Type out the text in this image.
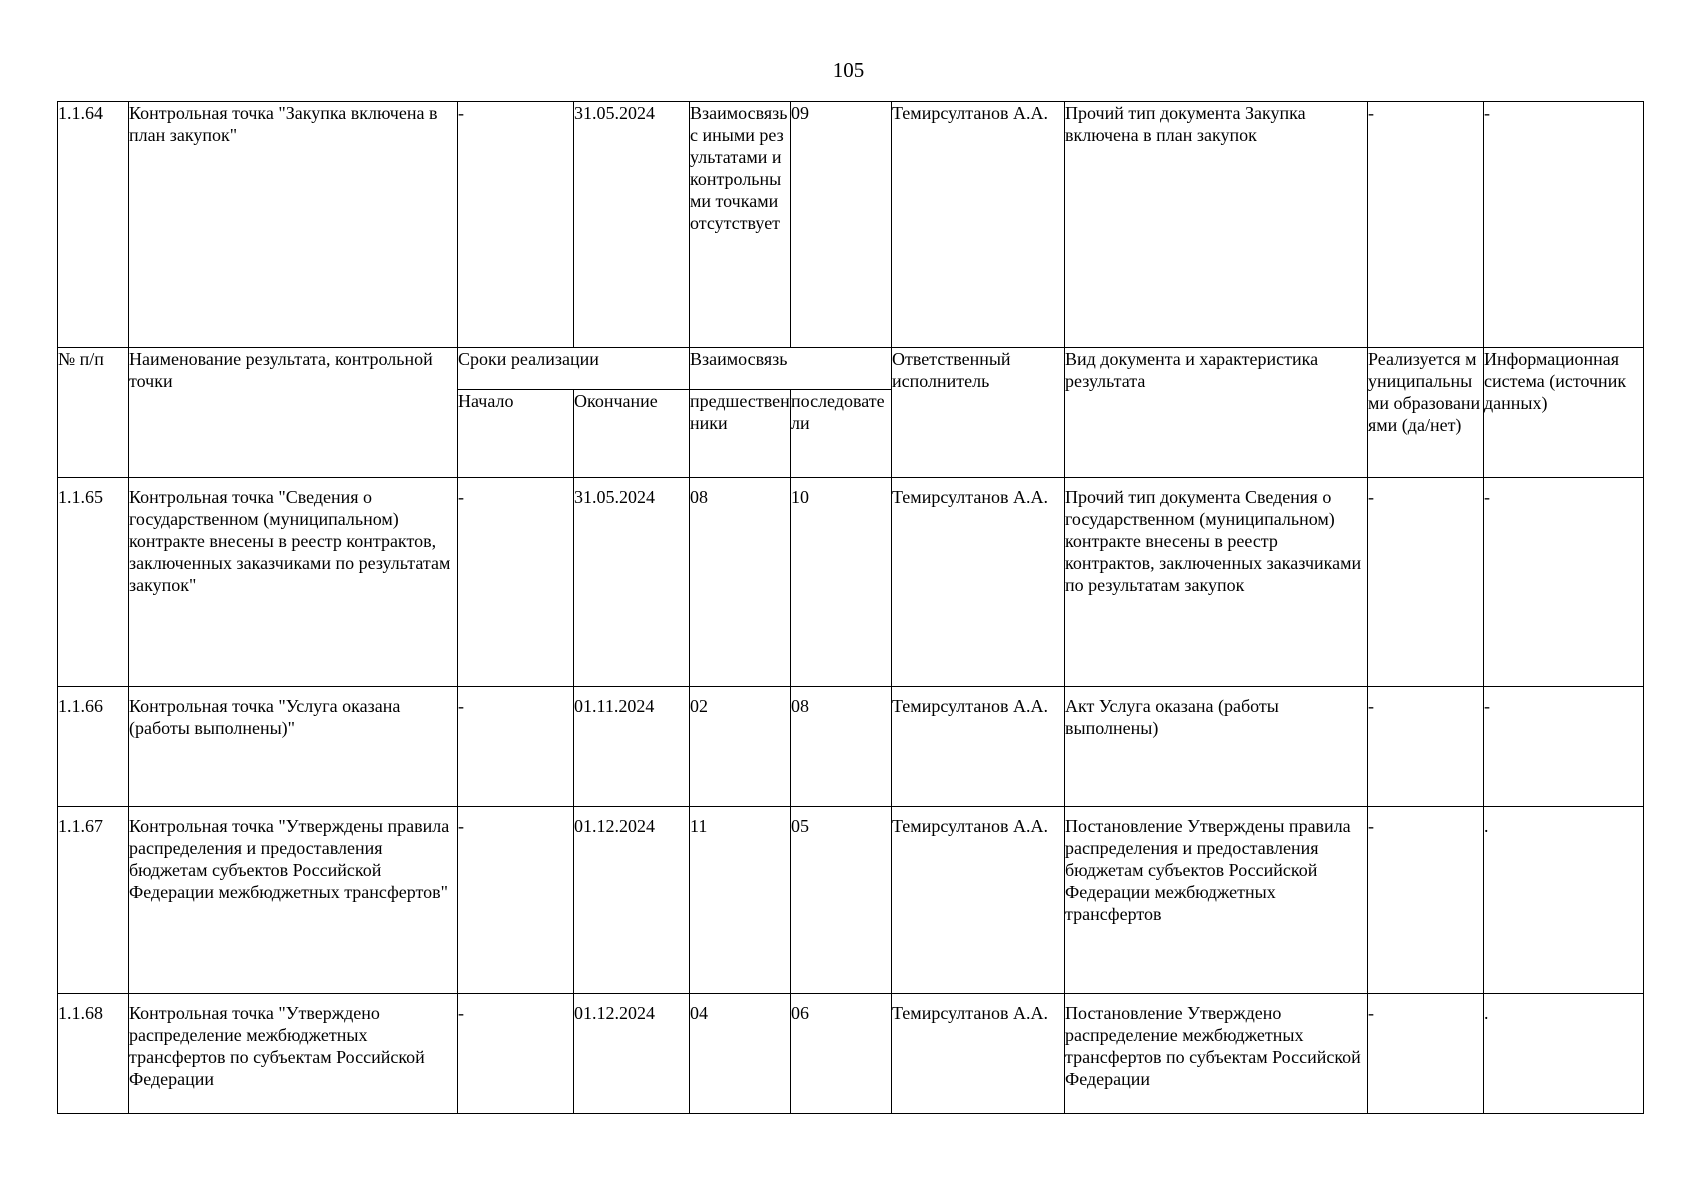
105
1.1.64	Контрольная точка "Закупка включена в план закупок"	-	31.05.2024	Взаимосвязь с иными результатами и контрольными точками отсутствует	09	Темирсултанов А.А.	Прочий тип документа Закупка включена в план закупок	-	-
№ п/п	Наименование результата, контрольной точки	Сроки реализации		Взаимосвязь		Ответственный исполнитель	Вид документа и характеристика результата	Реализуется муниципальными образованиями (да/нет)	Информационная система (источник данных)
		Начало	Окончание	предшественники	последователи				
1.1.65	Контрольная точка "Сведения о государственном (муниципальном) контракте внесены в реестр контрактов, заключенных заказчиками по результатам закупок"	-	31.05.2024	08	10	Темирсултанов А.А.	Прочий тип документа Сведения о государственном (муниципальном) контракте внесены в реестр контрактов, заключенных заказчиками по результатам закупок	-	-
1.1.66	Контрольная точка "Услуга оказана (работы выполнены)"	-	01.11.2024	02	08	Темирсултанов А.А.	Акт Услуга оказана (работы выполнены)	-	-
1.1.67	Контрольная точка "Утверждены правила распределения и предоставления бюджетам субъектов Российской Федерации межбюджетных трансфертов"	-	01.12.2024	11	05	Темирсултанов А.А.	Постановление Утверждены правила распределения и предоставления бюджетам субъектов Российской Федерации межбюджетных трансфертов	-	.
1.1.68	Контрольная точка "Утверждено распределение межбюджетных трансфертов по субъектам Российской Федерации	-	01.12.2024	04	06	Темирсултанов А.А.	Постановление Утверждено распределение межбюджетных трансфертов по субъектам Российской Федерации	-	.
